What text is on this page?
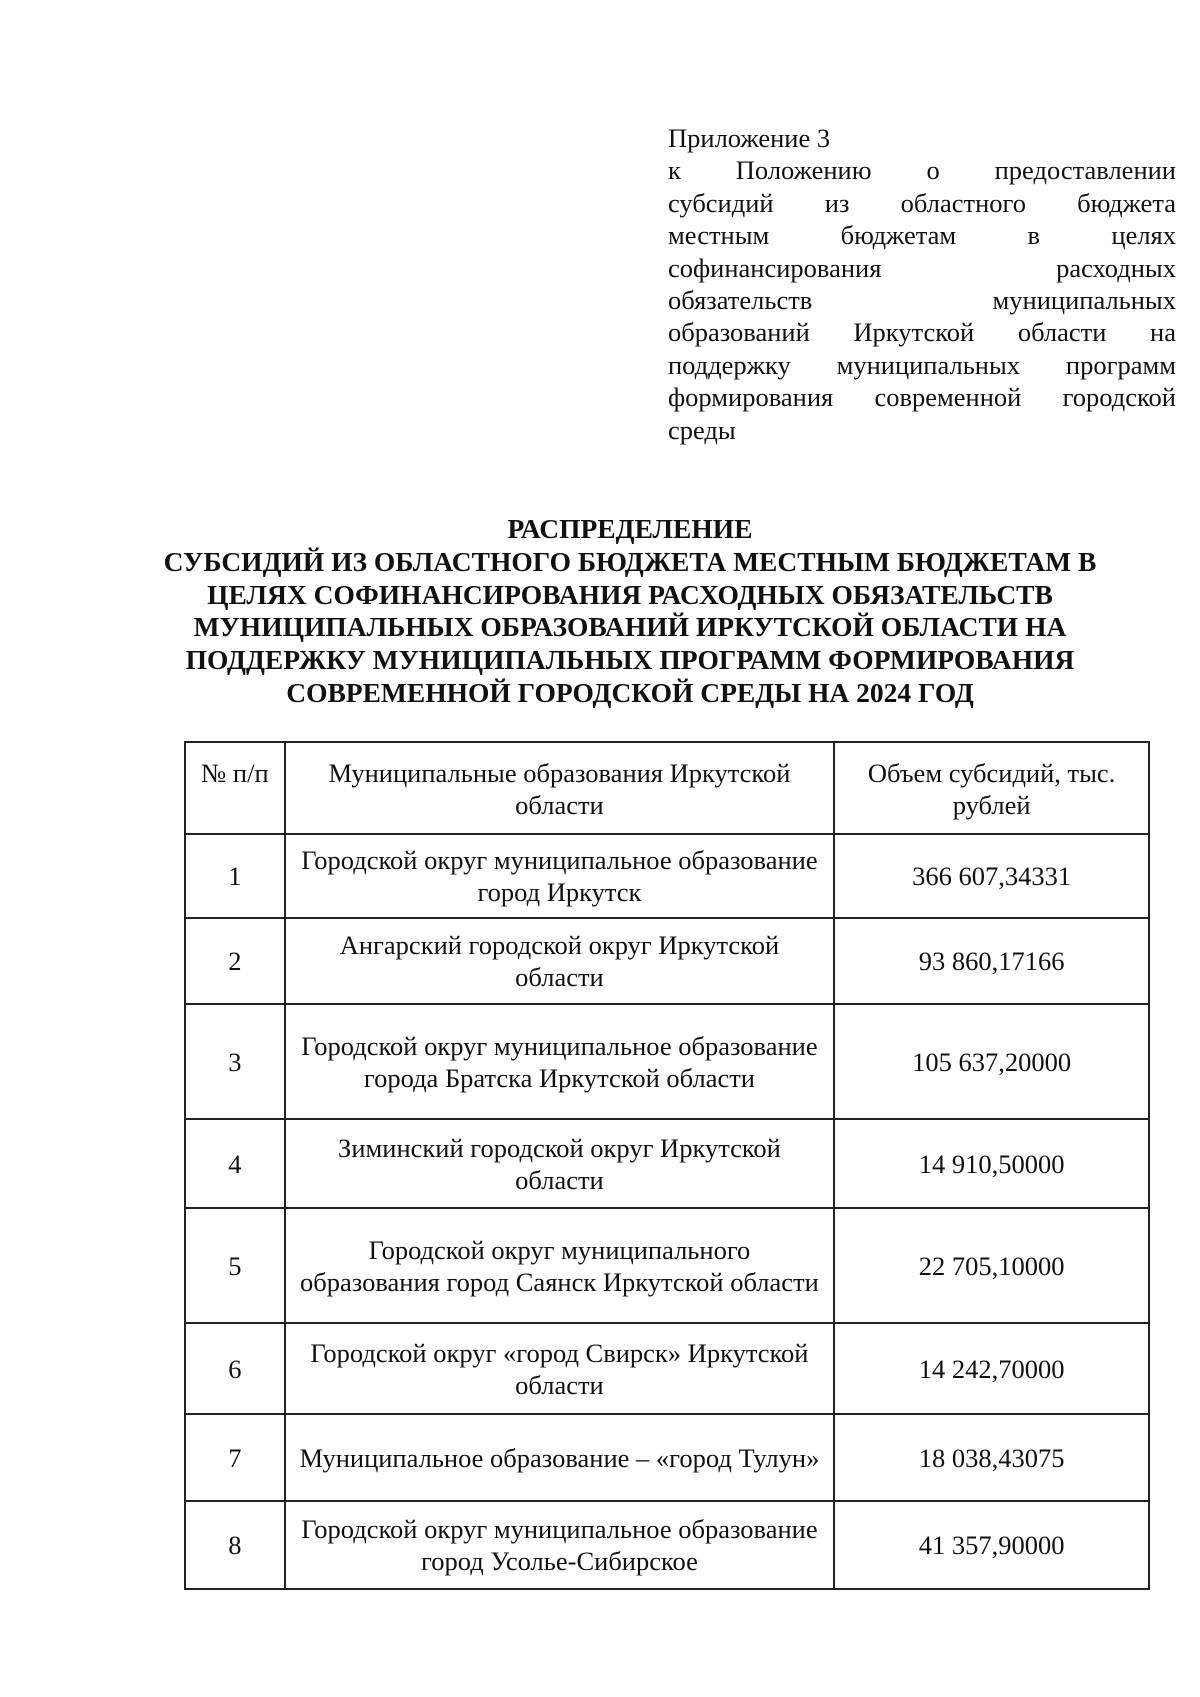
Приложение 3
к Положению о предоставлении
субсидий из областного бюджета
местным бюджетам в целях
софинансирования расходных
обязательств муниципальных
образований Иркутской области на
поддержку муниципальных программ
формирования современной городской
среды
РАСПРЕДЕЛЕНИЕ
СУБСИДИЙ ИЗ ОБЛАСТНОГО БЮДЖЕТА МЕСТНЫМ БЮДЖЕТАМ В
ЦЕЛЯХ СОФИНАНСИРОВАНИЯ РАСХОДНЫХ ОБЯЗАТЕЛЬСТВ
МУНИЦИПАЛЬНЫХ ОБРАЗОВАНИЙ ИРКУТСКОЙ ОБЛАСТИ НА
ПОДДЕРЖКУ МУНИЦИПАЛЬНЫХ ПРОГРАММ ФОРМИРОВАНИЯ
СОВРЕМЕННОЙ ГОРОДСКОЙ СРЕДЫ НА 2024 ГОД
№ п/п	Муниципальные образования Иркутской области	Объем субсидий, тыс. рублей
1	Городской округ муниципальное образование город Иркутск	366 607,34331
2	Ангарский городской округ Иркутской области	93 860,17166
3	Городской округ муниципальное образование города Братска Иркутской области	105 637,20000
4	Зиминский городской округ Иркутской области	14 910,50000
5	Городской округ муниципального образования город Саянск Иркутской области	22 705,10000
6	Городской округ «город Свирск» Иркутской области	14 242,70000
7	Муниципальное образование – «город Тулун»	18 038,43075
8	Городской округ муниципальное образование город Усолье-Сибирское	41 357,90000
